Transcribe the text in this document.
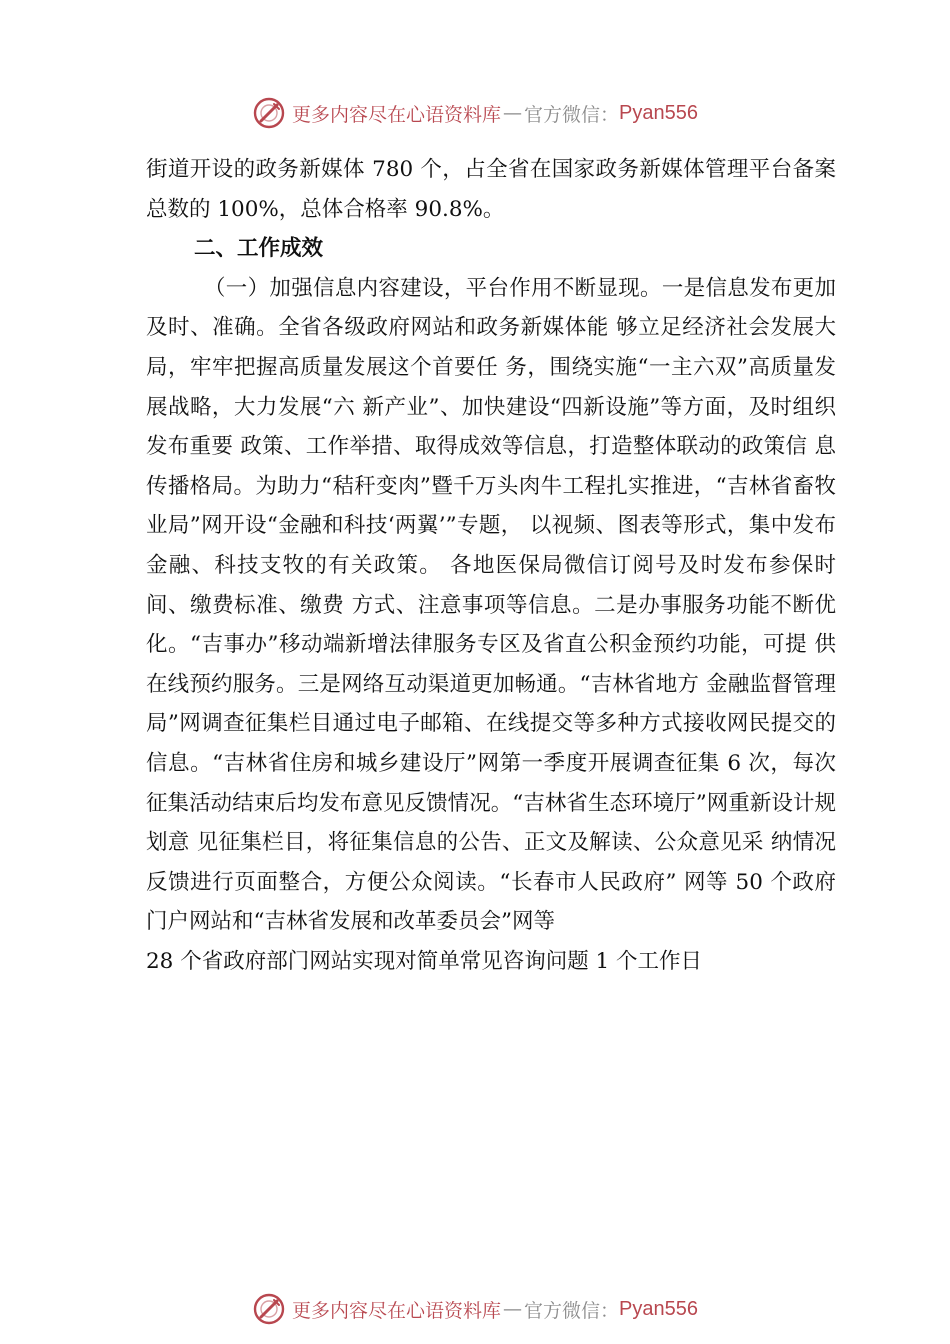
更多内容尽在心语资料库 — 官方微信： Pyan556

街道开设的政务新媒体 780 个，占全省在国家政务新媒体管理平台备案总数的 100%，总体合格率 90.8%。

二、工作成效

（一）加强信息内容建设，平台作用不断显现。一是信息发布更加及时、准确。全省各级政府网站和政务新媒体能 够立足经济社会发展大局，牢牢把握高质量发展这个首要任 务，围绕实施“一主六双”高质量发展战略，大力发展“六 新产业”、加快建设“四新设施”等方面，及时组织发布重要 政策、工作举措、取得成效等信息，打造整体联动的政策信 息传播格局。为助力“秸秆变肉”暨千万头肉牛工程扎实推进，“吉林省畜牧业局”网开设“金融和科技‘两翼’”专题， 以视频、图表等形式，集中发布金融、科技支牧的有关政策。 各地医保局微信订阅号及时发布参保时间、缴费标准、缴费 方式、注意事项等信息。二是办事服务功能不断优化。“吉事办”移动端新增法律服务专区及省直公积金预约功能，可提 供在线预约服务。三是网络互动渠道更加畅通。“吉林省地方 金融监督管理局”网调查征集栏目通过电子邮箱、在线提交等多种方式接收网民提交的信息。“吉林省住房和城乡建设厅”网第一季度开展调查征集 6 次，每次征集活动结束后均发布意见反馈情况。“吉林省生态环境厅”网重新设计规划意 见征集栏目，将征集信息的公告、正文及解读、公众意见采 纳情况反馈进行页面整合，方便公众阅读。“长春市人民政府” 网等 50 个政府门户网站和“吉林省发展和改革委员会”网等

28 个省政府部门网站实现对简单常见咨询问题 1 个工作日

更多内容尽在心语资料库 — 官方微信： Pyan556
